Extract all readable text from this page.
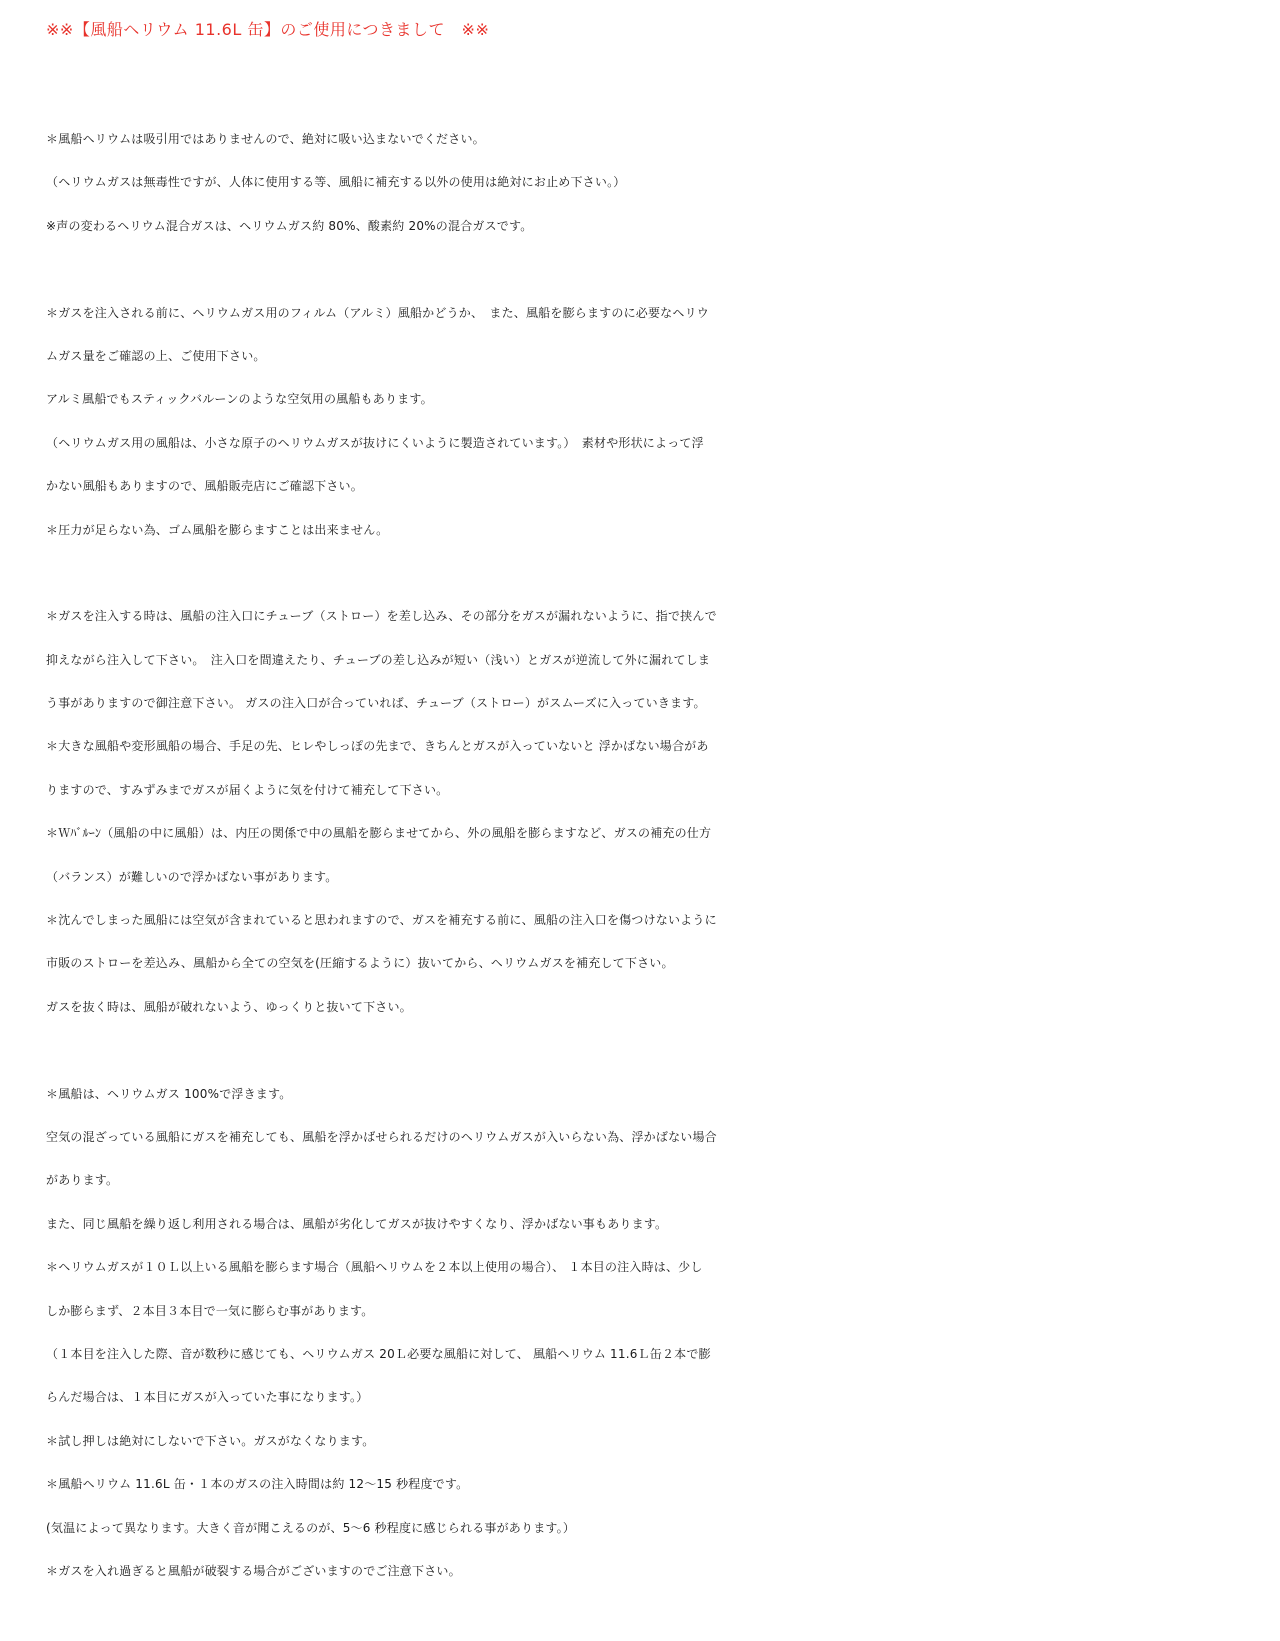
※※【風船ヘリウム 11.6L 缶】のご使用につきまして　※※
＊風船ヘリウムは吸引用ではありませんので、絶対に吸い込まないでください。
（ヘリウムガスは無毒性ですが、人体に使用する等、風船に補充する以外の使用は絶対にお止め下さい。）
※声の変わるヘリウム混合ガスは、ヘリウムガス約 80%、酸素約 20%の混合ガスです。
＊ガスを注入される前に、ヘリウムガス用のフィルム（アルミ）風船かどうか、　また、風船を膨らますのに必要なヘリウ
ムガス量をご確認の上、ご使用下さい。
アルミ風船でもスティックバルーンのような空気用の風船もあります。
（ヘリウムガス用の風船は、小さな原子のヘリウムガスが抜けにくいように製造されています。）　素材や形状によって浮
かない風船もありますので、風船販売店にご確認下さい。
＊圧力が足らない為、ゴム風船を膨らますことは出来ません。
＊ガスを注入する時は、風船の注入口にチューブ（ストロー）を差し込み、その部分をガスが漏れないように、指で挟んで
抑えながら注入して下さい。　注入口を間違えたり、チューブの差し込みが短い（浅い）とガスが逆流して外に漏れてしま
う事がありますので御注意下さい。 ガスの注入口が合っていれば、チューブ（ストロー）がスムーズに入っていきます。
＊大きな風船や変形風船の場合、手足の先、ヒレやしっぽの先まで、きちんとガスが入っていないと 浮かばない場合があ
りますので、すみずみまでガスが届くように気を付けて補充して下さい。
＊Ｗﾊﾞﾙｰﾝ（風船の中に風船）は、内圧の関係で中の風船を膨らませてから、外の風船を膨らますなど、ガスの補充の仕方
（バランス）が難しいので浮かばない事があります。
＊沈んでしまった風船には空気が含まれていると思われますので、ガスを補充する前に、風船の注入口を傷つけないように
市販のストローを差込み、風船から全ての空気を(圧縮するように）抜いてから、ヘリウムガスを補充して下さい。
ガスを抜く時は、風船が破れないよう、ゆっくりと抜いて下さい。
＊風船は、ヘリウムガス 100%で浮きます。
空気の混ざっている風船にガスを補充しても、風船を浮かばせられるだけのヘリウムガスが入いらない為、浮かばない場合
があります。
また、同じ風船を繰り返し利用される場合は、風船が劣化してガスが抜けやすくなり、浮かばない事もあります。
＊ヘリウムガスが１０Ｌ以上いる風船を膨らます場合（風船ヘリウムを２本以上使用の場合）、 １本目の注入時は、少し
しか膨らまず、２本目３本目で一気に膨らむ事があります。
（１本目を注入した際、音が数秒に感じても、ヘリウムガス 20Ｌ必要な風船に対して、 風船ヘリウム 11.6Ｌ缶２本で膨
らんだ場合は、１本目にガスが入っていた事になります。）
＊試し押しは絶対にしないで下さい。ガスがなくなります。
＊風船ヘリウム 11.6L 缶・１本のガスの注入時間は約 12～15 秒程度です。
(気温によって異なります。大きく音が聞こえるのが、5～6 秒程度に感じられる事があります。）
＊ガスを入れ過ぎると風船が破裂する場合がございますのでご注意下さい。
